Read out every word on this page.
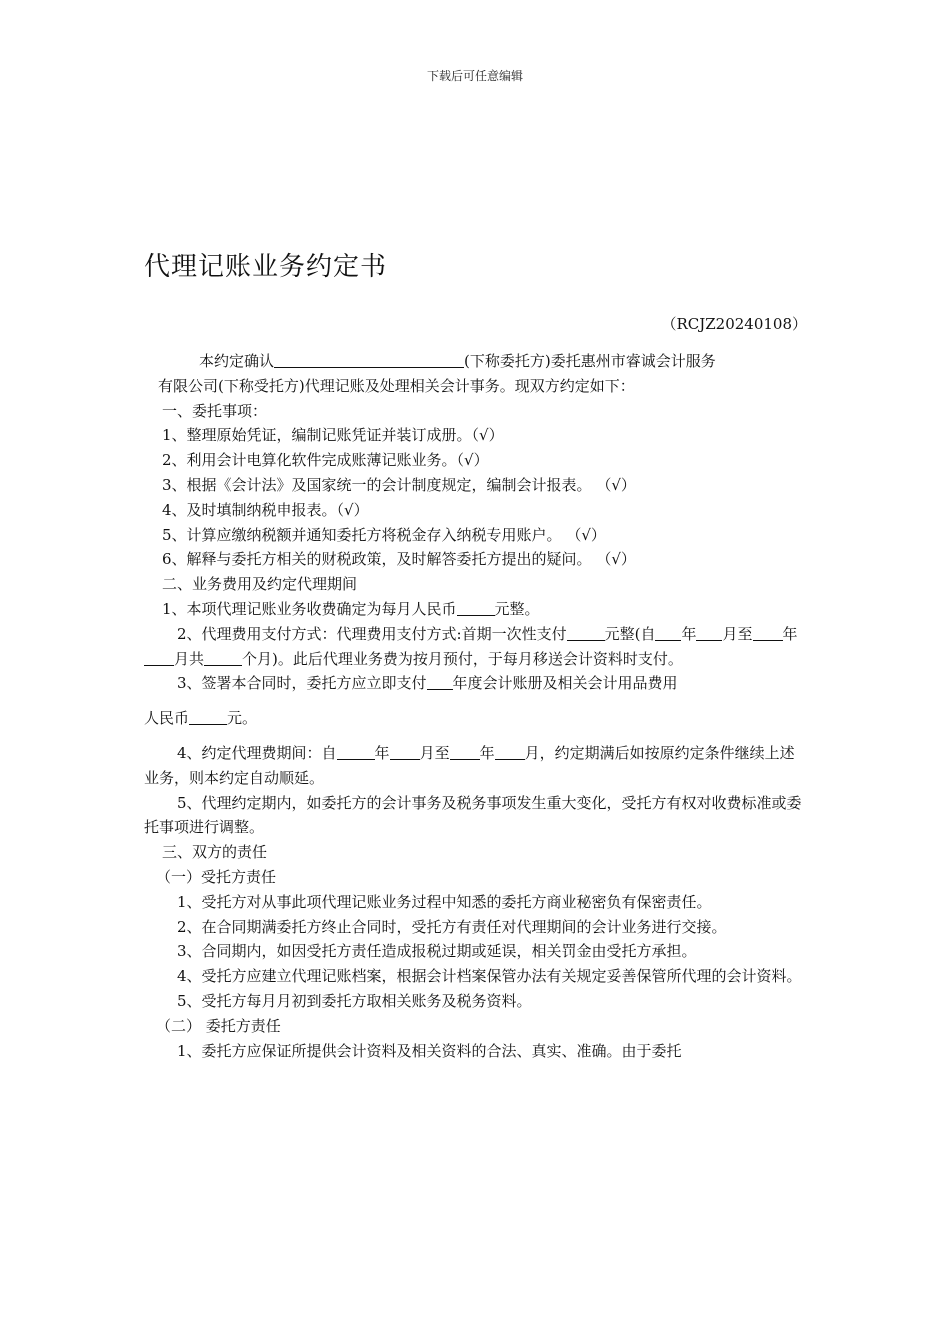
下载后可任意编辑
代理记账业务约定书
（RCJZ20240108）

本约定确认	(下称委托方)委托惠州市睿诚会计服务

有限公司(下称受托方)代理记账及处理相关会计事务。现双方约定如下：

一、委托事项：

1、整理原始凭证，编制记账凭证并装订成册。（√）

2、利用会计电算化软件完成账薄记账业务。（√）

3、根据《会计法》及国家统一的会计制度规定，编制会计报表。 （√）

4、及时填制纳税申报表。（√）

5、计算应缴纳税额并通知委托方将税金存入纳税专用账户。 （√）

6、解释与委托方相关的财税政策，及时解答委托方提出的疑问。 （√）

二、业务费用及约定代理期间

1、本项代理记账业务收费确定为每月人民币	元整。

2、代理费用支付方式：代理费用支付方式:首期一次性支付	元整(自 年 月至 年月共	个月)。此后代理业务费为按月预付，于每月移送会计资料时支付。

3、签署本合同时，委托方应立即支付 年度会计账册及相关会计用品费用

人民币	元。

4、约定代理费期间：自	年 月至 年 月，约定期满后如按原约定条件继续上述业务，则本约定自动顺延。

5、代理约定期内，如委托方的会计事务及税务事项发生重大变化，受托方有权对收费标准或委托事项进行调整。

三、双方的责任

（一）受托方责任

1、受托方对从事此项代理记账业务过程中知悉的委托方商业秘密负有保密责任。

2、在合同期满委托方终止合同时，受托方有责任对代理期间的会计业务进行交接。

3、合同期内，如因受托方责任造成报税过期或延误，相关罚金由受托方承担。

4、受托方应建立代理记账档案，根据会计档案保管办法有关规定妥善保管所代理的会计资料。

5、受托方每月月初到委托方取相关账务及税务资料。

（二） 委托方责任

1、委托方应保证所提供会计资料及相关资料的合法、真实、准确。由于委托
